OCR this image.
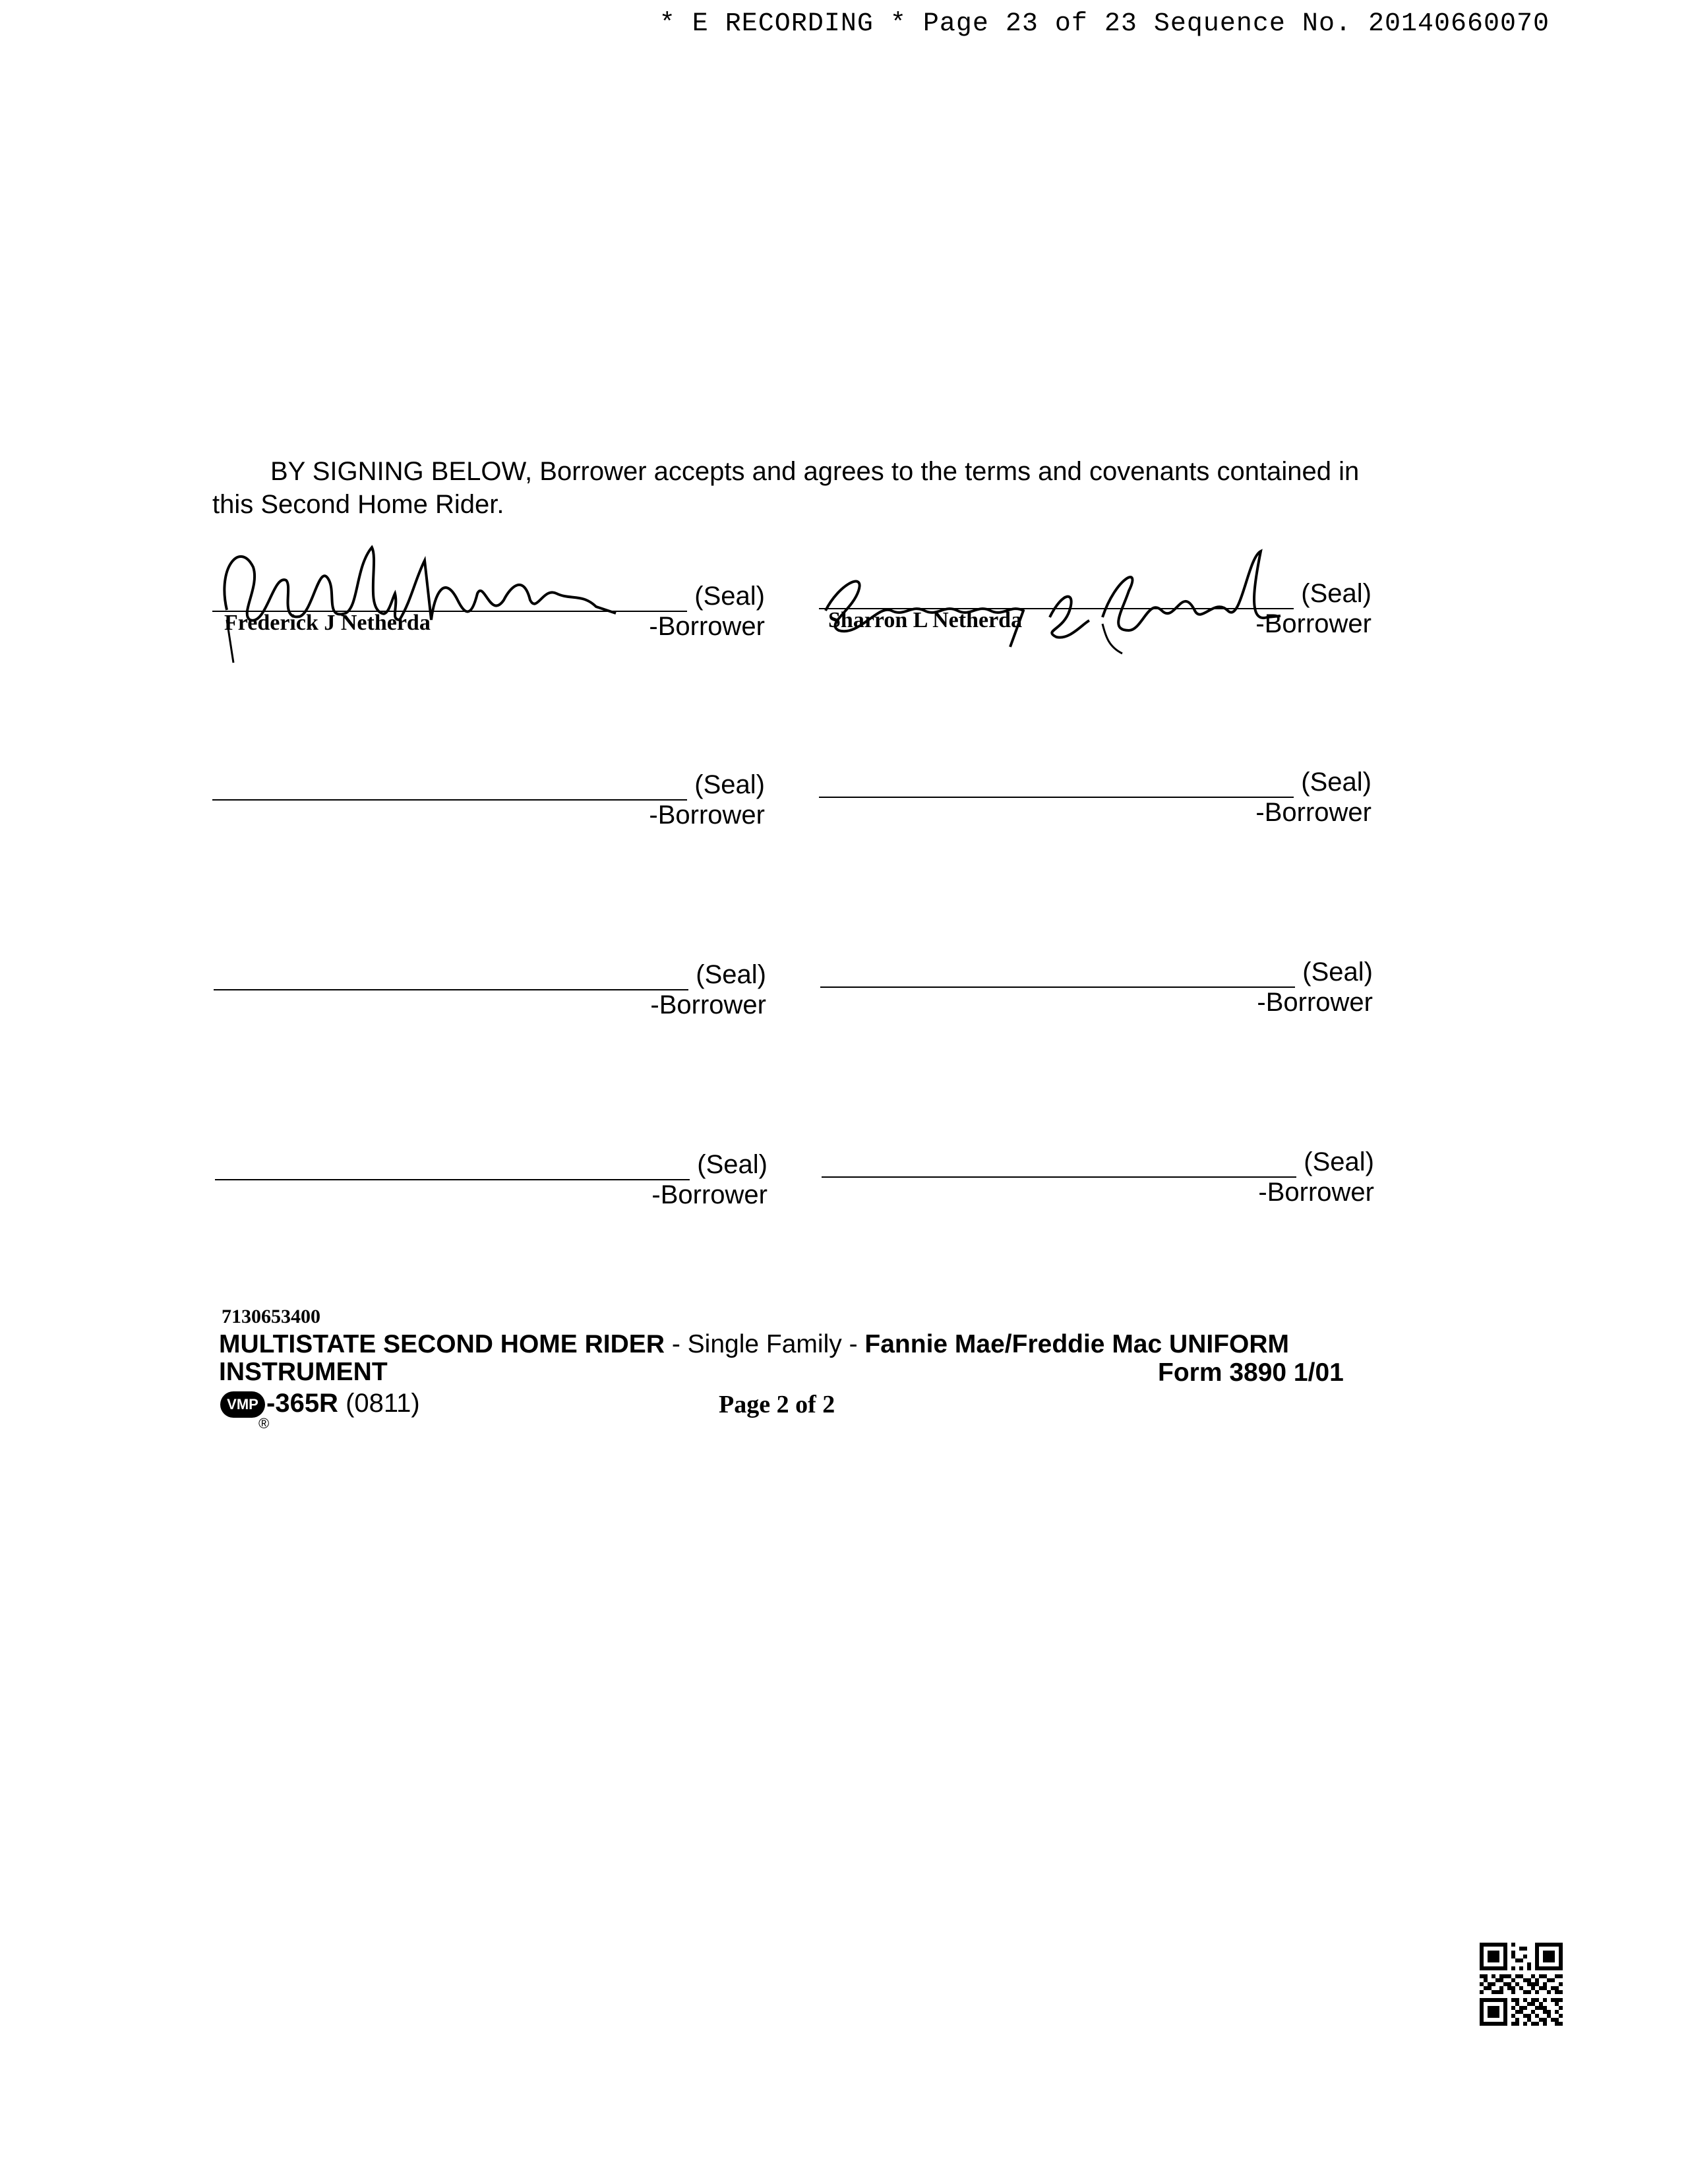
* E RECORDING * Page 23 of 23 Sequence No. 20140660070
BY SIGNING BELOW, Borrower accepts and agrees to the terms and covenants contained in this Second Home Rider.
(Seal)
-Borrower
Frederick J Netherda
(Seal)
-Borrower
Sharron L Netherda
(Seal)
-Borrower
(Seal)
-Borrower
(Seal)
-Borrower
(Seal)
-Borrower
(Seal)
-Borrower
(Seal)
-Borrower
7130653400
MULTISTATE SECOND HOME RIDER - Single Family - Fannie Mae/Freddie Mac UNIFORM INSTRUMENT	Form 3890 1/01
VMP -365R (0811)
®
Page 2 of 2
